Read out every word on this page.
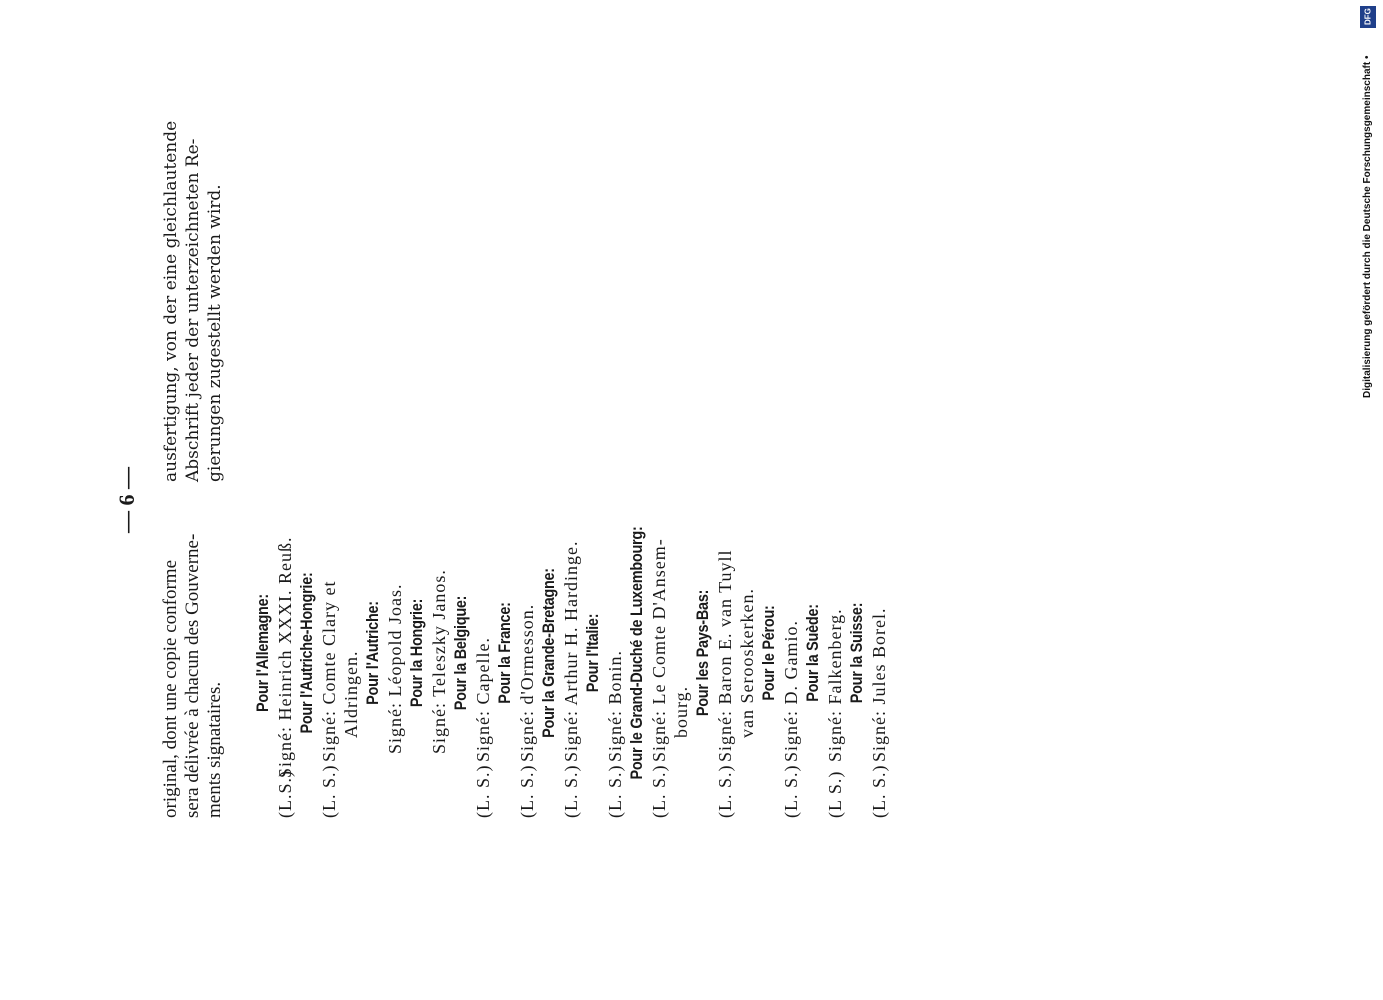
— 6 —

original, dont une copie conforme sera délivrée à chacun des Gouverne- ments signataires.

Pour l'Allemagne:
(L.S.)
Signé: Heinrich XXXI. Reuß. Pour l'Autriche-Hongrie:
(L. S.)
Signé: Comte Clary et Aldringen. Pour l'Autriche: Signé: Léopold Joas. Pour la Hongrie: Signé: Teleszky Janos. Pour la Belgique:
(L. S.)
Signé: Capelle. Pour la France:
(L. S.)
Signé: d'Ormesson. Pour la Grande-Bretagne:
(L. S.)
Signé: Arthur H. Hardinge. Pour l'Italie:
(L. S.)
Signé: Bonin. Pour le Grand-Duché de Luxembourg:
(L. S.)
Signé: Le Comte D'Ansem- bourg. Pour les Pays-Bas:
(L. S.)
Signé: Baron E. van Tuyll van Serooskerken. Pour le Pérou:
(L. S.)
Signé: D. Gamio. Pour la Suède:
(L S.)
Signé: Falkenberg. Pour la Suisse:
(L. S.)
Signé: Jules Borel.

ausfertigung, von der eine gleichlautende Abschrift jeder der unterzeichneten Re- gierungen zugestellt werden wird.

DFG
Digitalisierung gefördert durch die Deutsche Forschungsgemeinschaft •
